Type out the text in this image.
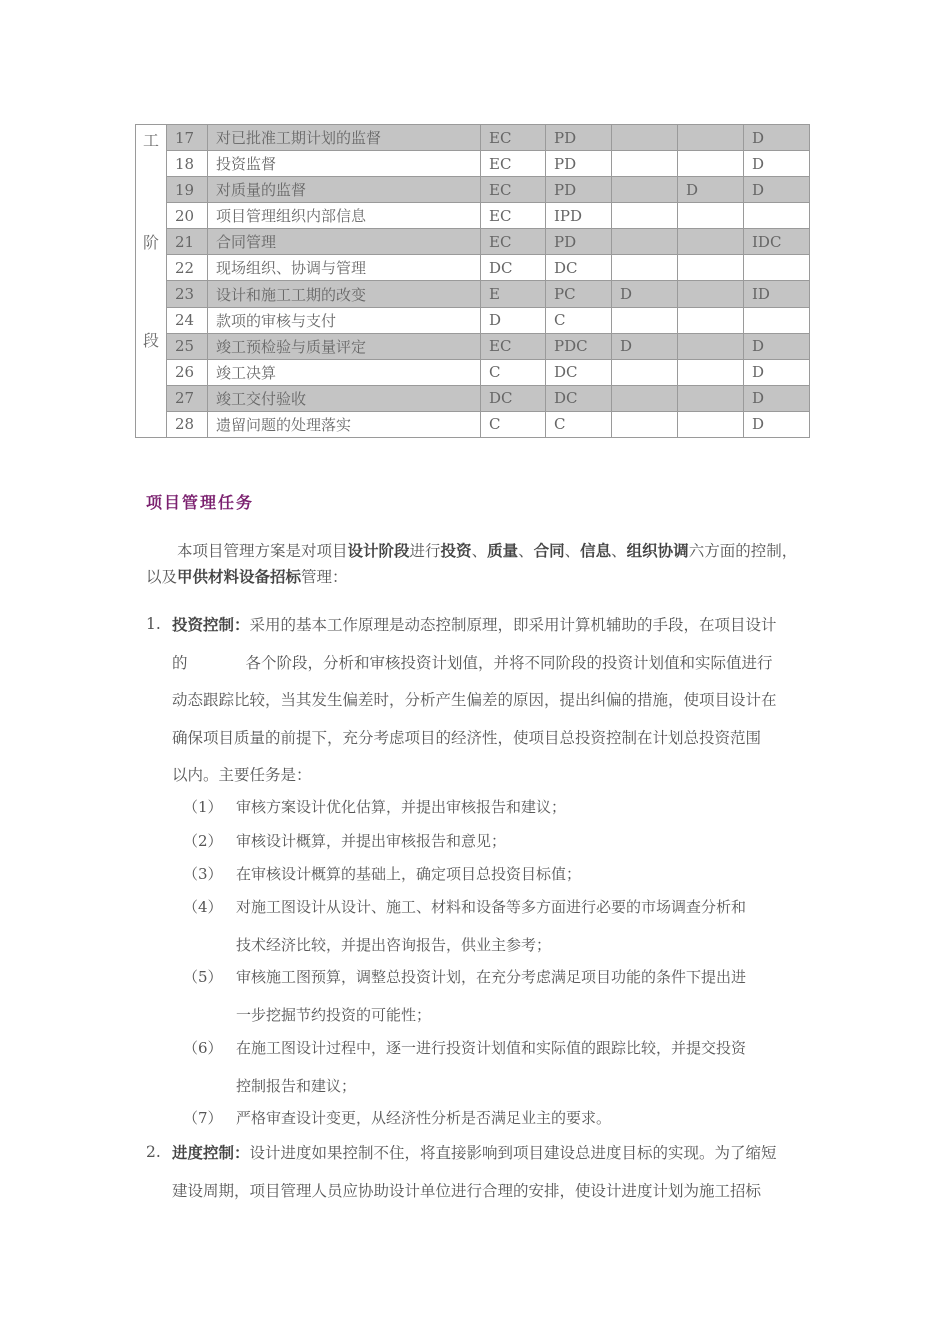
工
阶
段	17	对已批准工期计划的监督	EC	PD			D
	18	投资监督	EC	PD			D
	19	对质量的监督	EC	PD		D	D
	20	项目管理组织内部信息	EC	IPD			
	21	合同管理	EC	PD			IDC
	22	现场组织、协调与管理	DC	DC			
	23	设计和施工工期的改变	E	PC	D		ID
	24	款项的审核与支付	D	C			
	25	竣工预检验与质量评定	EC	PDC	D		D
	26	竣工决算	C	DC			D
	27	竣工交付验收	DC	DC			D
	28	遗留问题的处理落实	C	C			D
项目管理任务
本项目管理方案是对项目设计阶段进行投资、质量、合同、信息、组织协调六方面的控制，以及甲供材料设备招标管理：
1. 投资控制：采用的基本工作原理是动态控制原理，即采用计算机辅助的手段，在项目设计
的	各个阶段，分析和审核投资计划值，并将不同阶段的投资计划值和实际值进行
动态跟踪比较，当其发生偏差时，分析产生偏差的原因，提出纠偏的措施，使项目设计在
确保项目质量的前提下，充分考虑项目的经济性，使项目总投资控制在计划总投资范围
以内。主要任务是：
（1） 审核方案设计优化估算，并提出审核报告和建议；
（2） 审核设计概算，并提出审核报告和意见；
（3） 在审核设计概算的基础上，确定项目总投资目标值；
（4） 对施工图设计从设计、施工、材料和设备等多方面进行必要的市场调查分析和
技术经济比较，并提出咨询报告，供业主参考；
（5） 审核施工图预算，调整总投资计划，在充分考虑满足项目功能的条件下提出进
一步挖掘节约投资的可能性；
（6） 在施工图设计过程中，逐一进行投资计划值和实际值的跟踪比较，并提交投资
控制报告和建议；
（7） 严格审查设计变更，从经济性分析是否满足业主的要求。
2. 进度控制：设计进度如果控制不住，将直接影响到项目建设总进度目标的实现。为了缩短
建设周期，项目管理人员应协助设计单位进行合理的安排，使设计进度计划为施工招标
